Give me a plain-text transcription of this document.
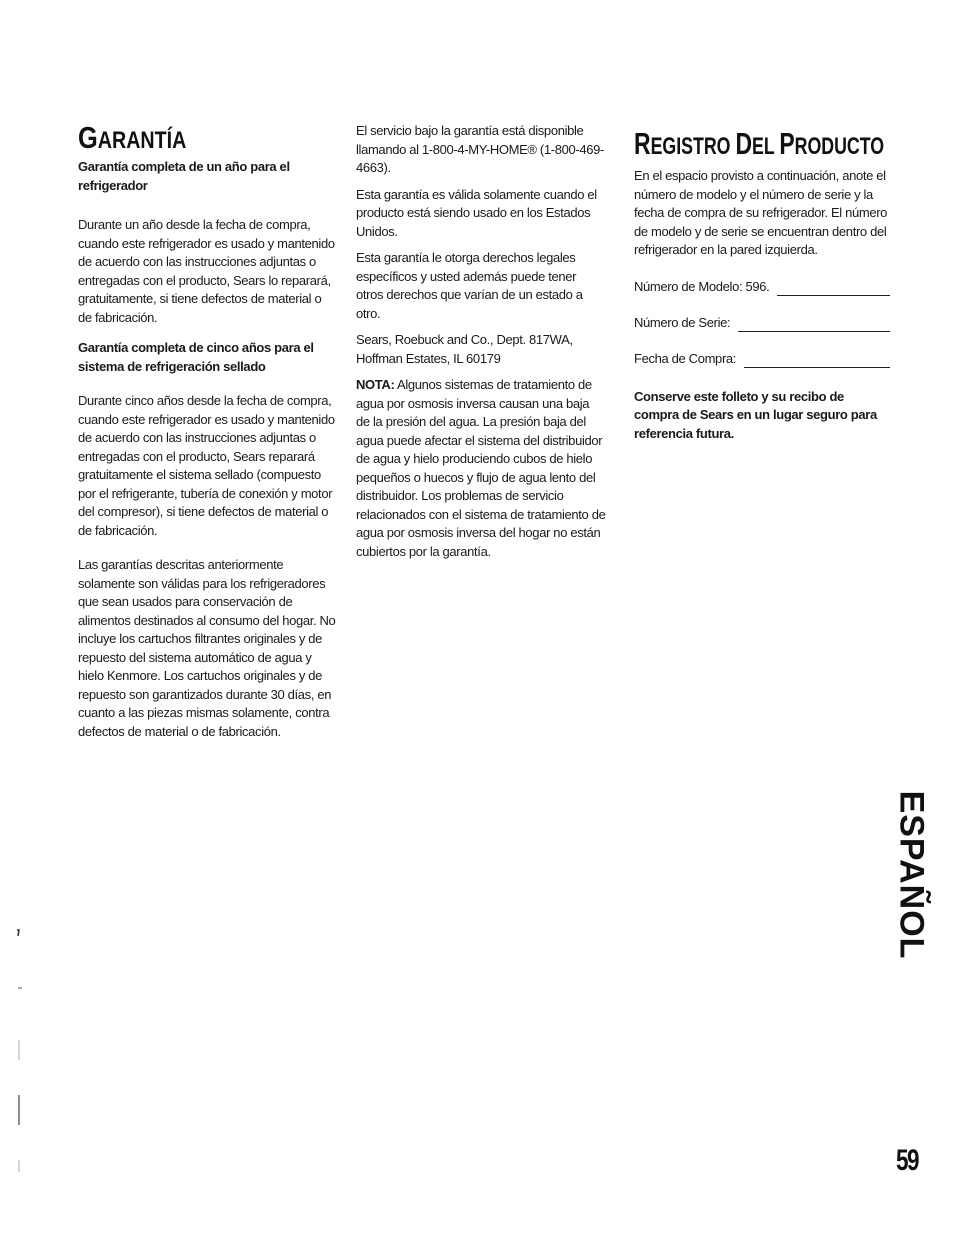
GARANTÍA

Garantía completa de un año para el refrigerador

Durante un año desde la fecha de compra, cuando este refrigerador es usado y mantenido de acuerdo con las instrucciones adjuntas o entregadas con el producto, Sears lo reparará, gratuitamente, si tiene defectos de material o de fabricación.

Garantía completa de cinco años para el sistema de refrigeración sellado

Durante cinco años desde la fecha de compra, cuando este refrigerador es usado y mantenido de acuerdo con las instrucciones adjuntas o entregadas con el producto, Sears reparará gratuitamente el sistema sellado (compuesto por el refrigerante, tubería de conexión y motor del compresor), si tiene defectos de material o de fabricación.

Las garantías descritas anteriormente solamente son válidas para los refrigeradores que sean usados para conservación de alimentos destinados al consumo del hogar. No incluye los cartuchos filtrantes originales y de repuesto del sistema automático de agua y hielo Kenmore. Los cartuchos originales y de repuesto son garantizados durante 30 días, en cuanto a las piezas mismas solamente, contra defectos de material o de fabricación.

El servicio bajo la garantía está disponible llamando al 1-800-4-MY-HOME® (1-800-469-4663).

Esta garantía es válida solamente cuando el producto está siendo usado en los Estados Unidos.

Esta garantía le otorga derechos legales específicos y usted además puede tener otros derechos que varían de un estado a otro.

Sears, Roebuck and Co., Dept. 817WA,
Hoffman Estates, IL 60179

NOTA: Algunos sistemas de tratamiento de agua por osmosis inversa causan una baja de la presión del agua. La presión baja del agua puede afectar el sistema del distribuidor de agua y hielo produciendo cubos de hielo pequeños o huecos y flujo de agua lento del distribuidor. Los problemas de servicio relacionados con el sistema de tratamiento de agua por osmosis inversa del hogar no están cubiertos por la garantía.

REGISTRO DEL PRODUCTO

En el espacio provisto a continuación, anote el número de modelo y el número de serie y la fecha de compra de su refrigerador. El número de modelo y de serie se encuentran dentro del refrigerador en la pared izquierda.

Número de Modelo: 596.
Número de Serie:
Fecha de Compra:

Conserve este folleto y su recibo de compra de Sears en un lugar seguro para referencia futura.

ESPAÑOL
59
